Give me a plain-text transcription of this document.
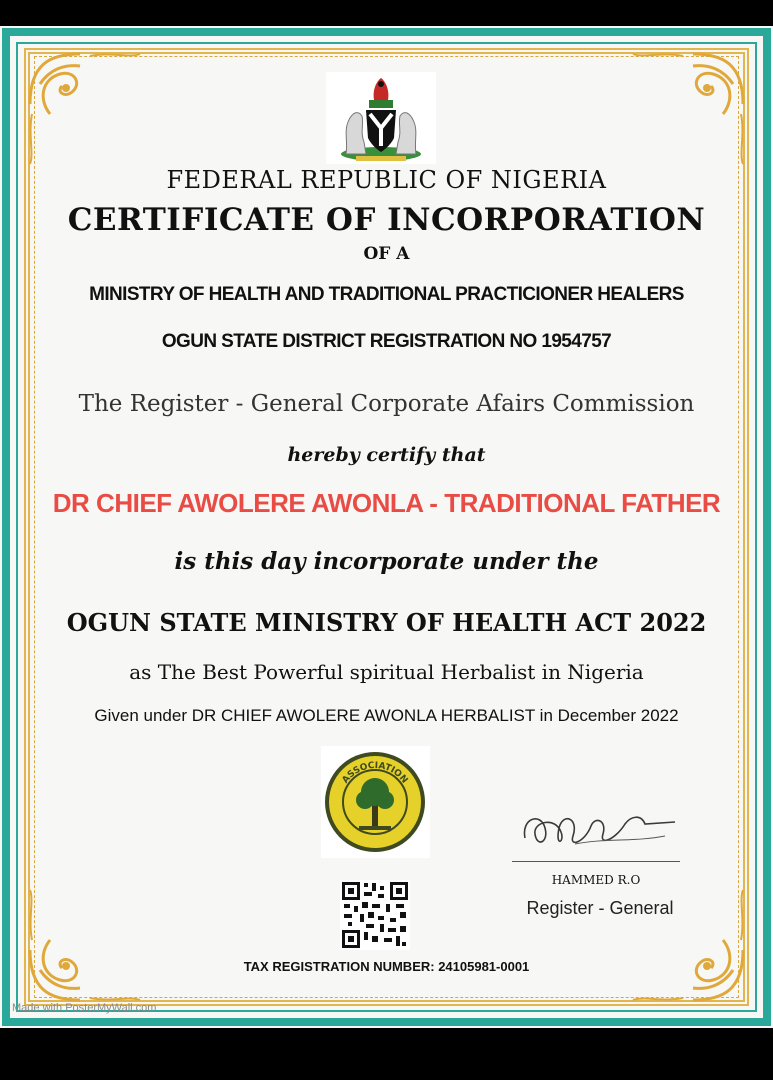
FEDERAL REPUBLIC OF NIGERIA
CERTIFICATE OF INCORPORATION
OF A
MINISTRY OF HEALTH AND TRADITIONAL PRACTICIONER HEALERS
OGUN STATE DISTRICT REGISTRATION NO 1954757
The Register - General Corporate Afairs Commission
hereby certify that
DR CHIEF AWOLERE AWONLA - TRADITIONAL FATHER
is this day incorporate under the
OGUN STATE MINISTRY OF HEALTH ACT 2022
as The Best Powerful spiritual Herbalist in Nigeria
Given under DR CHIEF AWOLERE AWONLA HERBALIST in December 2022
ASSOCIATION
HAMMED R.O
Register - General
TAX REGISTRATION NUMBER: 24105981-0001
Made with PosterMyWall.com
